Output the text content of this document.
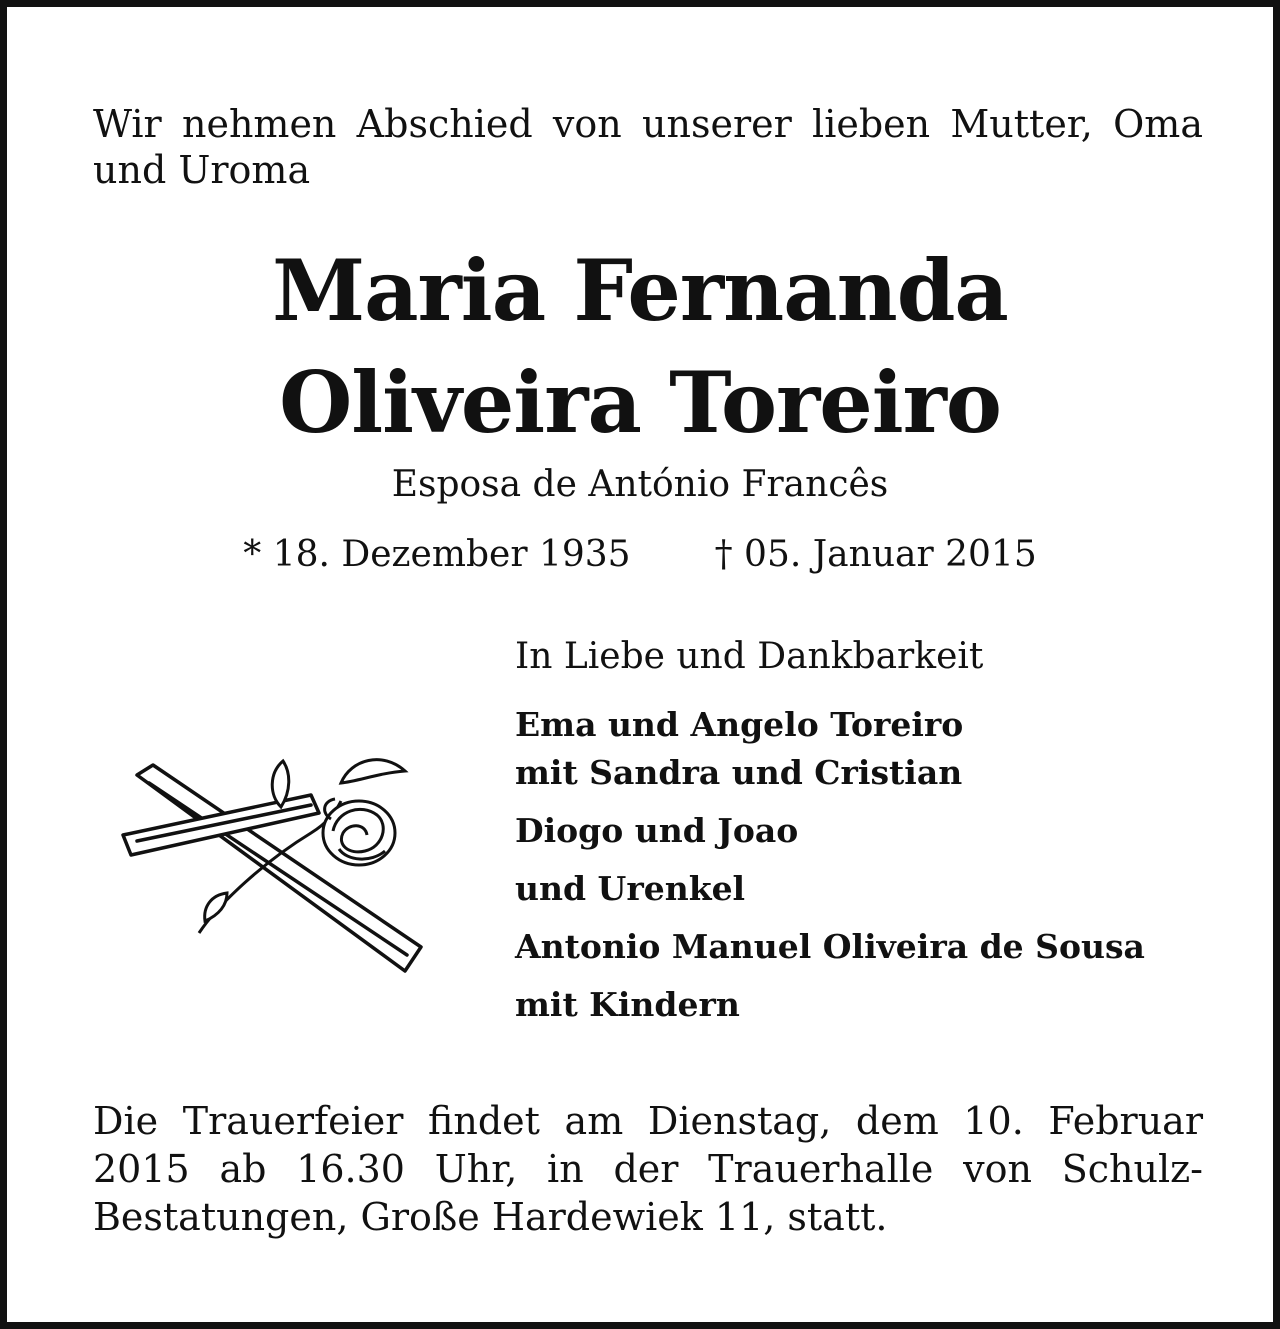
Wir nehmen Abschied von unserer lieben Mutter, Oma und Uroma

Maria Fernanda
Oliveira Toreiro
Esposa de António Francês
* 18. Dezember 1935 † 05. Januar 2015
In Liebe und Dankbarkeit
Ema und Angelo Toreiro
mit Sandra und Cristian
Diogo und Joao
und Urenkel
Antonio Manuel Oliveira de Sousa
mit Kindern

Die Trauerfeier findet am Dienstag, dem 10. Februar 2015 ab 16.30 Uhr, in der Trauerhalle von Schulz-Bestatungen, Große Hardewiek 11, statt.
